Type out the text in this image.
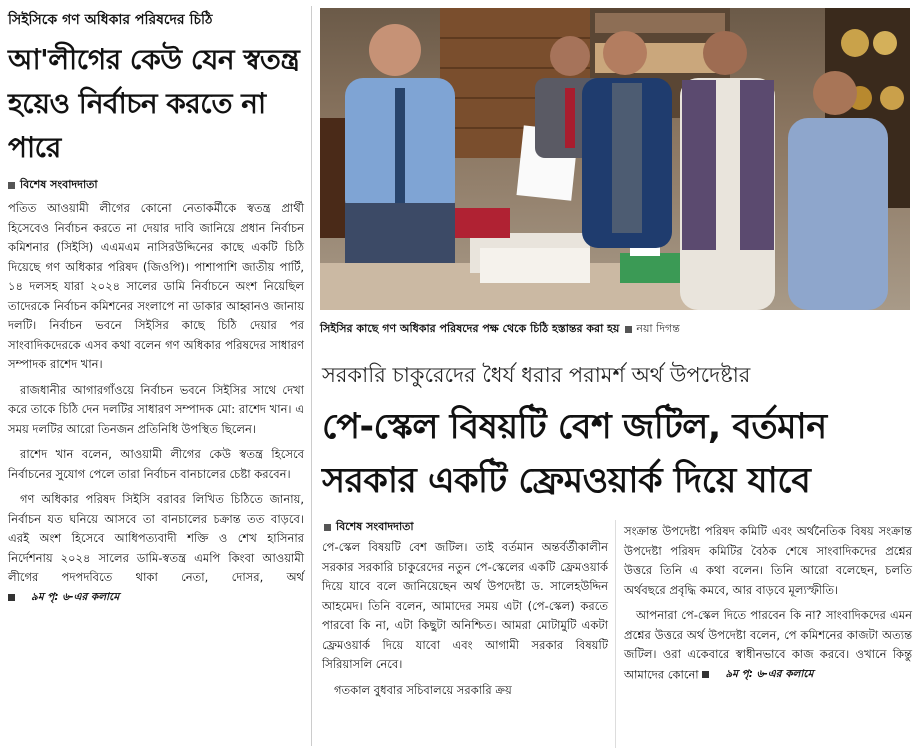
সিইসিকে গণ অধিকার পরিষদের চিঠি
আ'লীগের কেউ যেন স্বতন্ত্র হয়েও নির্বাচন করতে না পারে
বিশেষ সংবাদদাতা

পতিত আওয়ামী লীগের কোনো নেতাকর্মীকে স্বতন্ত্র প্রার্থী হিসেবেও নির্বাচন করতে না দেয়ার দাবি জানিয়ে প্রধান নির্বাচন কমিশনার (সিইসি) এএমএম নাসিরউদ্দিনের কাছে একটি চিঠি দিয়েছে গণ অধিকার পরিষদ (জিওপি)। পাশাপাশি জাতীয় পার্টি, ১৪ দলসহ যারা ২০২৪ সালের ডামি নির্বাচনে অংশ নিয়েছিল তাদেরকে নির্বাচন কমিশনের সংলাপে না ডাকার আহ্বানও জানায় দলটি। নির্বাচন ভবনে সিইসির কাছে চিঠি দেয়ার পর সাংবাদিকদেরকে এসব কথা বলেন গণ অধিকার পরিষদের সাধারণ সম্পাদক রাশেদ খান।

রাজধানীর আগারগাঁওয়ে নির্বাচন ভবনে সিইসির সাথে দেখা করে তাকে চিঠি দেন দলটির সাধারণ সম্পাদক মো: রাশেদ খান। এ সময় দলটির আরো তিনজন প্রতিনিধি উপস্থিত ছিলেন।

রাশেদ খান বলেন, আওয়ামী লীগের কেউ স্বতন্ত্র হিসেবে নির্বাচনের সুযোগ পেলে তারা নির্বাচন বানচালের চেষ্টা করবেন।

গণ অধিকার পরিষদ সিইসি বরাবর লিখিত চিঠিতে জানায়, নির্বাচন যত ঘনিয়ে আসবে তা বানচালের চক্রান্ত তত বাড়বে। এরই অংশ হিসেবে আধিপত্যবাদী শক্তি ও শেখ হাসিনার নির্দেশনায় ২০২৪ সালের ডামি-স্বতন্ত্র এমপি কিংবা আওয়ামী লীগের পদপদবিতে থাকা নেতা, দোসর, অর্থ
৯ম পৃ: ৬-এর কলামে

সিইসির কাছে গণ অধিকার পরিষদের পক্ষ থেকে চিঠি হস্তান্তর করা হয় নয়া দিগন্ত
সরকারি চাকুরেদের ধৈর্য ধরার পরামর্শ অর্থ উপদেষ্টার
পে-স্কেল বিষয়টি বেশ জটিল, বর্তমান সরকার একটি ফ্রেমওয়ার্ক দিয়ে যাবে
বিশেষ সংবাদদাতা

পে-স্কেল বিষয়টি বেশ জটিল। তাই বর্তমান অন্তর্বর্তীকালীন সরকার সরকারি চাকুরেদের নতুন পে-স্কেলের একটি ফ্রেমওয়ার্ক দিয়ে যাবে বলে জানিয়েছেন অর্থ উপদেষ্টা ড. সালেহউদ্দিন আহমেদ। তিনি বলেন, আমাদের সময় এটা (পে-স্কেল) করতে পারবো কি না, এটা কিছুটা অনিশ্চিত। আমরা মোটামুটি একটা ফ্রেমওয়ার্ক দিয়ে যাবো এবং আগামী সরকার বিষয়টি সিরিয়াসলি নেবে।

গতকাল বুধবার সচিবালয়ে সরকারি ক্রয়

সংক্রান্ত উপদেষ্টা পরিষদ কমিটি এবং অর্থনৈতিক বিষয় সংক্রান্ত উপদেষ্টা পরিষদ কমিটির বৈঠক শেষে সাংবাদিকদের প্রশ্নের উত্তরে তিনি এ কথা বলেন। তিনি আরো বলেছেন, চলতি অর্থবছরে প্রবৃদ্ধি কমবে, আর বাড়বে মূল্যস্ফীতি।

আপনারা পে-স্কেল দিতে পারবেন কি না? সাংবাদিকদের এমন প্রশ্নের উত্তরে অর্থ উপদেষ্টা বলেন, পে কমিশনের কাজটা অত্যন্ত জটিল। ওরা একেবারে স্বাধীনভাবে কাজ করবে। ওখানে কিন্তু আমাদের কোনো	৯ম পৃ: ৬-এর কলামে
